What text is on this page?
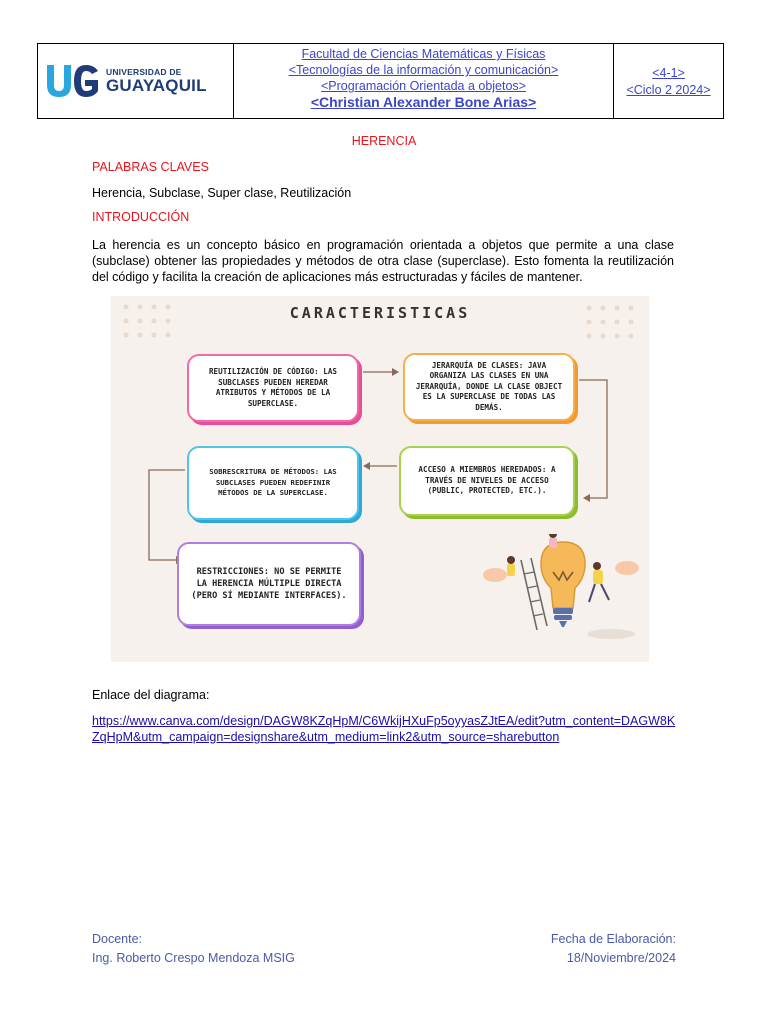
UNIVERSIDAD DE
GUAYAQUIL
Facultad de Ciencias Matemáticas y Físicas
<Tecnologías de la información y comunicación>
<Programación Orientada a objetos>
<Christian Alexander Bone Arias>
<4-1>
<Ciclo 2 2024>
HERENCIA
PALABRAS CLAVES
Herencia, Subclase, Super clase, Reutilización
INTRODUCCIÓN
La herencia es un concepto básico en programación orientada a objetos que permite a una clase (subclase) obtener las propiedades y métodos de otra clase (superclase). Esto fomenta la reutilización del código y facilita la creación de aplicaciones más estructuradas y fáciles de mantener.
CARACTERISTICAS
REUTILIZACIÓN DE CÓDIGO: LAS SUBCLASES PUEDEN HEREDAR ATRIBUTOS Y MÉTODOS DE LA SUPERCLASE.
JERARQUÍA DE CLASES: JAVA ORGANIZA LAS CLASES EN UNA JERARQUÍA, DONDE LA CLASE OBJECT ES LA SUPERCLASE DE TODAS LAS DEMÁS.
ACCESO A MIEMBROS HEREDADOS: A TRAVÉS DE NIVELES DE ACCESO (PUBLIC, PROTECTED, ETC.).
SOBRESCRITURA DE MÉTODOS: LAS SUBCLASES PUEDEN REDEFINIR MÉTODOS DE LA SUPERCLASE.
RESTRICCIONES: NO SE PERMITE LA HERENCIA MÚLTIPLE DIRECTA (PERO SÍ MEDIANTE INTERFACES).
Enlace del diagrama:
https://www.canva.com/design/DAGW8KZqHpM/C6WkijHXuFp5oyyasZJtEA/edit?utm_content=DAGW8KZqHpM&utm_campaign=designshare&utm_medium=link2&utm_source=sharebutton
Docente:
Ing. Roberto Crespo Mendoza MSIG
Fecha de Elaboración:
18/Noviembre/2024
